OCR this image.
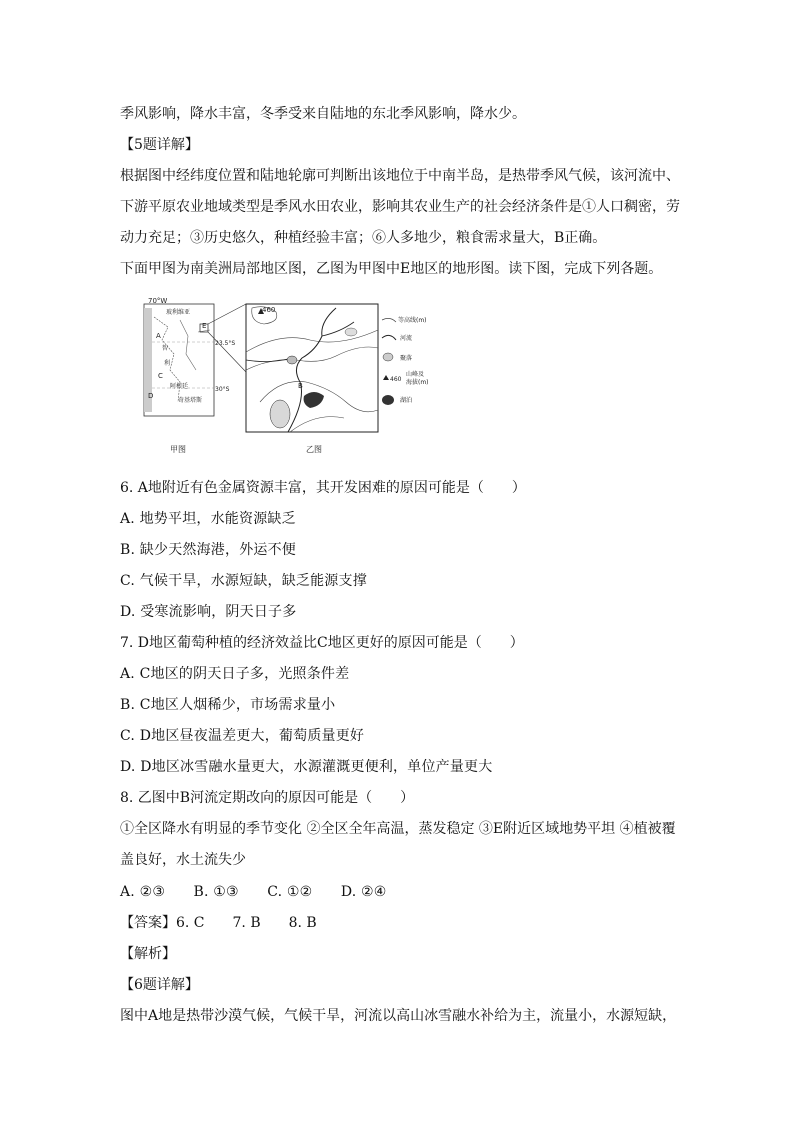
季风影响，降水丰富，冬季受来自陆地的东北季风影响，降水少。
【5题详解】
根据图中经纬度位置和陆地轮廓可判断出该地位于中南半岛，是热带季风气候，该河流中、
下游平原农业地域类型是季风水田农业，影响其农业生产的社会经济条件是①人口稠密，劳
动力充足；③历史悠久，种植经验丰富；⑥人多地少，粮食需求量大，B正确。
下面甲图为南美洲局部地区图，乙图为甲图中E地区的地形图。读下图，完成下列各题。
70°W
玻利维亚
E
A
智
利
C
23.5°S
阿根廷	30°S
D
奇基塔斯
甲图
460
B
乙图
等高线(m)
河流
聚落
460
山峰及
海拔(m)
湖泊
6. A地附近有色金属资源丰富，其开发困难的原因可能是（　　）
A. 地势平坦，水能资源缺乏
B. 缺少天然海港，外运不便
C. 气候干旱，水源短缺，缺乏能源支撑
D. 受寒流影响，阴天日子多
7. D地区葡萄种植的经济效益比C地区更好的原因可能是（　　）
A. C地区的阴天日子多，光照条件差
B. C地区人烟稀少，市场需求量小
C. D地区昼夜温差更大，葡萄质量更好
D. D地区冰雪融水量更大，水源灌溉更便利，单位产量更大
8. 乙图中B河流定期改向的原因可能是（　　）
①全区降水有明显的季节变化 ②全区全年高温，蒸发稳定 ③E附近区域地势平坦 ④植被覆
盖良好，水土流失少
A. ②③　　B. ①③　　C. ①②　　D. ②④
【答案】6. C　　7. B　　8. B
【解析】
【6题详解】
图中A地是热带沙漠气候，气候干旱，河流以高山冰雪融水补给为主，流量小，水源短缺，
